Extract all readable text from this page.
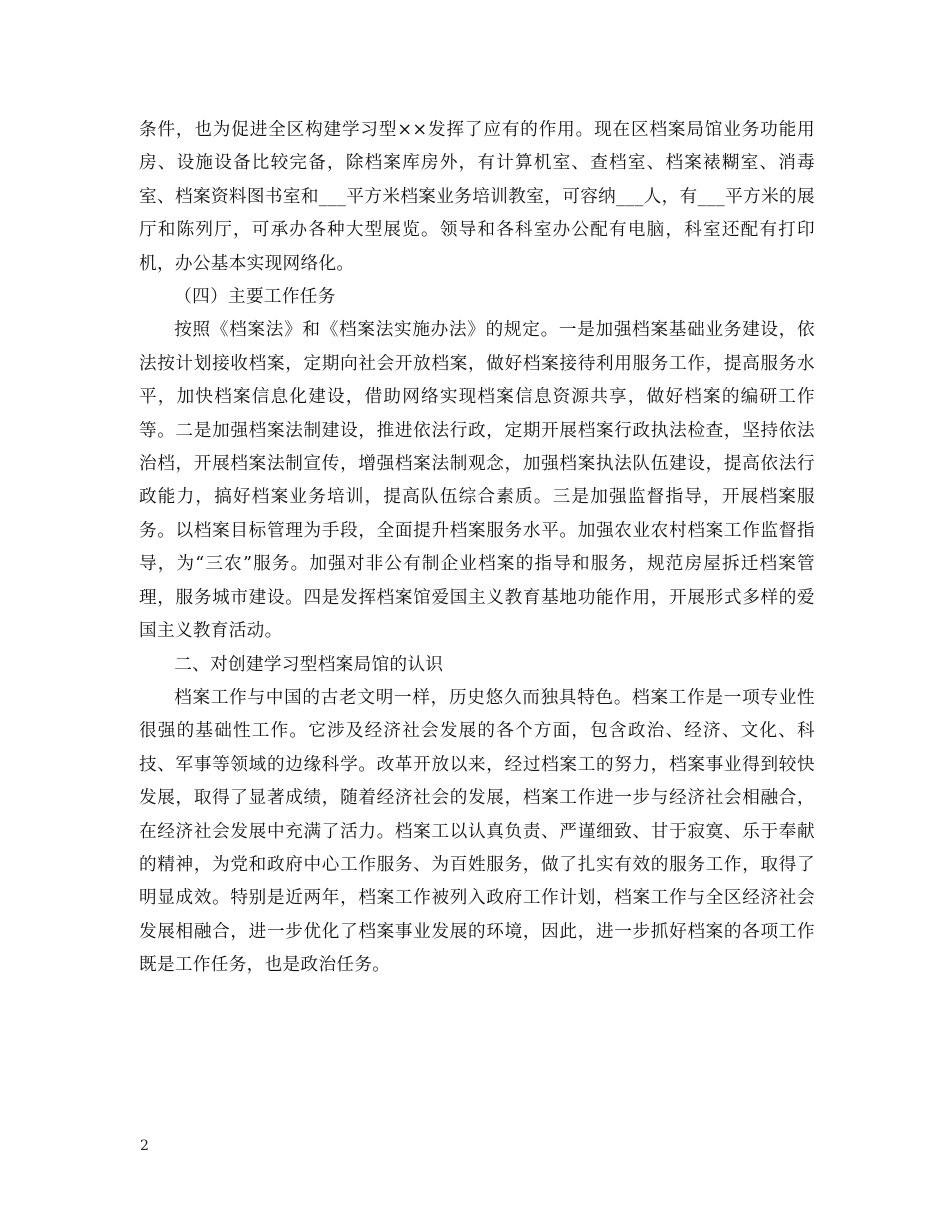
条件，也为促进全区构建学习型××发挥了应有的作用。现在区档案局馆业务功能用房、设施设备比较完备，除档案库房外，有计算机室、查档室、档案裱糊室、消毒室、档案资料图书室和___平方米档案业务培训教室，可容纳___人，有___平方米的展厅和陈列厅，可承办各种大型展览。领导和各科室办公配有电脑，科室还配有打印机，办公基本实现网络化。

（四）主要工作任务

按照《档案法》和《档案法实施办法》的规定。一是加强档案基础业务建设，依法按计划接收档案，定期向社会开放档案，做好档案接待利用服务工作，提高服务水平，加快档案信息化建设，借助网络实现档案信息资源共享，做好档案的编研工作等。二是加强档案法制建设，推进依法行政，定期开展档案行政执法检查，坚持依法治档，开展档案法制宣传，增强档案法制观念，加强档案执法队伍建设，提高依法行政能力，搞好档案业务培训，提高队伍综合素质。三是加强监督指导，开展档案服务。以档案目标管理为手段，全面提升档案服务水平。加强农业农村档案工作监督指导，为“三农”服务。加强对非公有制企业档案的指导和服务，规范房屋拆迁档案管理，服务城市建设。四是发挥档案馆爱国主义教育基地功能作用，开展形式多样的爱国主义教育活动。

二、对创建学习型档案局馆的认识

档案工作与中国的古老文明一样，历史悠久而独具特色。档案工作是一项专业性很强的基础性工作。它涉及经济社会发展的各个方面，包含政治、经济、文化、科技、军事等领域的边缘科学。改革开放以来，经过档案工的努力，档案事业得到较快发展，取得了显著成绩，随着经济社会的发展，档案工作进一步与经济社会相融合，在经济社会发展中充满了活力。档案工以认真负责、严谨细致、甘于寂寞、乐于奉献的精神，为党和政府中心工作服务、为百姓服务，做了扎实有效的服务工作，取得了明显成效。特别是近两年，档案工作被列入政府工作计划，档案工作与全区经济社会发展相融合，进一步优化了档案事业发展的环境，因此，进一步抓好档案的各项工作既是工作任务，也是政治任务。

2
